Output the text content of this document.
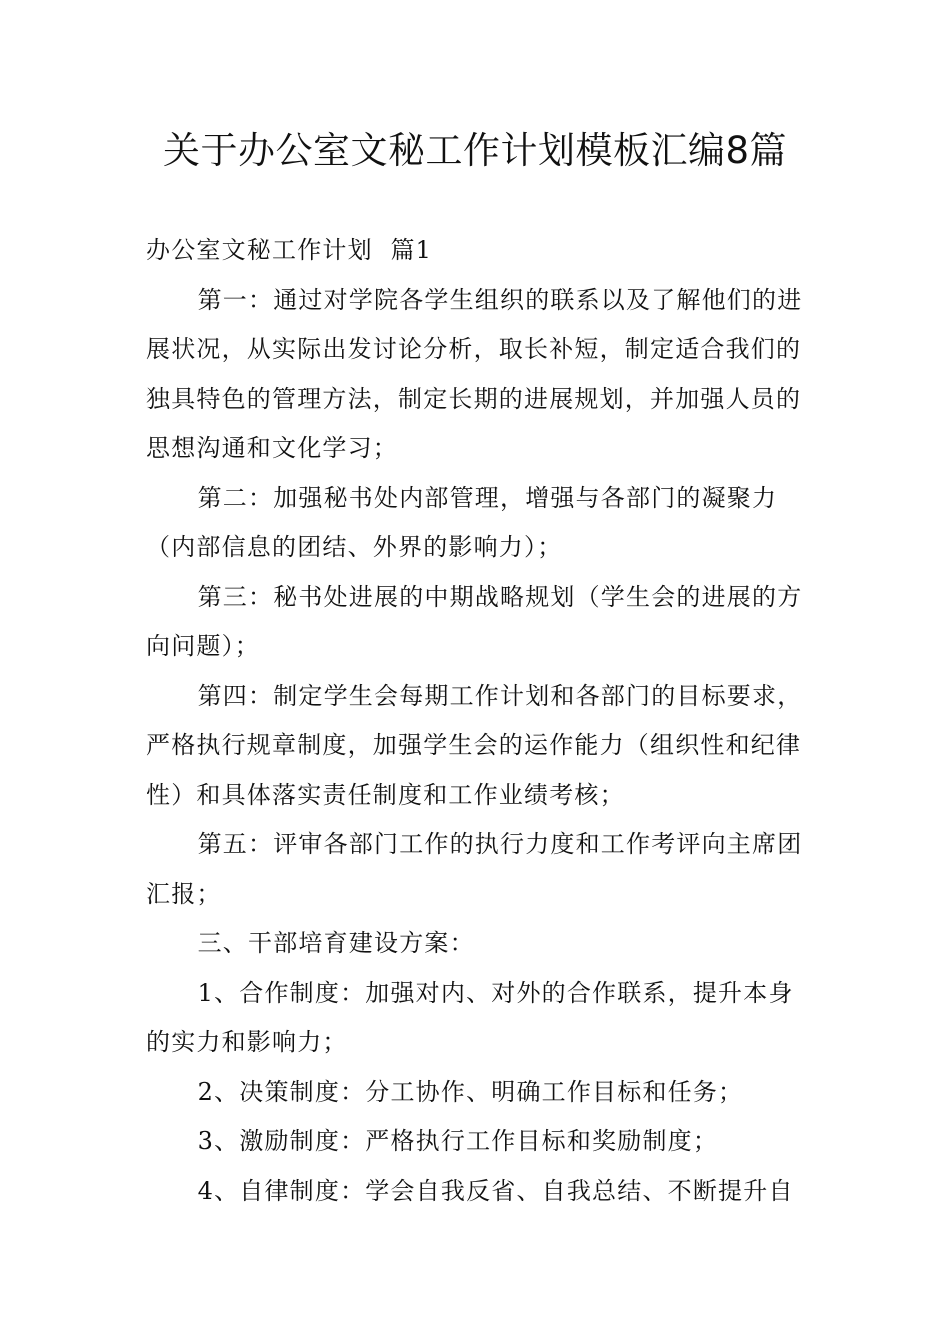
关于办公室文秘工作计划模板汇编8篇
办公室文秘工作计划  篇1

第一：通过对学院各学生组织的联系以及了解他们的进展状况，从实际出发讨论分析，取长补短，制定适合我们的独具特色的管理方法，制定长期的进展规划，并加强人员的思想沟通和文化学习；

第二：加强秘书处内部管理，增强与各部门的凝聚力（内部信息的团结、外界的影响力）；

第三：秘书处进展的中期战略规划（学生会的进展的方向问题）；

第四：制定学生会每期工作计划和各部门的目标要求，严格执行规章制度，加强学生会的运作能力（组织性和纪律性）和具体落实责任制度和工作业绩考核；

第五：评审各部门工作的执行力度和工作考评向主席团汇报；

三、干部培育建设方案：

1、合作制度：加强对内、对外的合作联系，提升本身的实力和影响力；

2、决策制度：分工协作、明确工作目标和任务；

3、激励制度：严格执行工作目标和奖励制度；

4、自律制度：学会自我反省、自我总结、不断提升自
